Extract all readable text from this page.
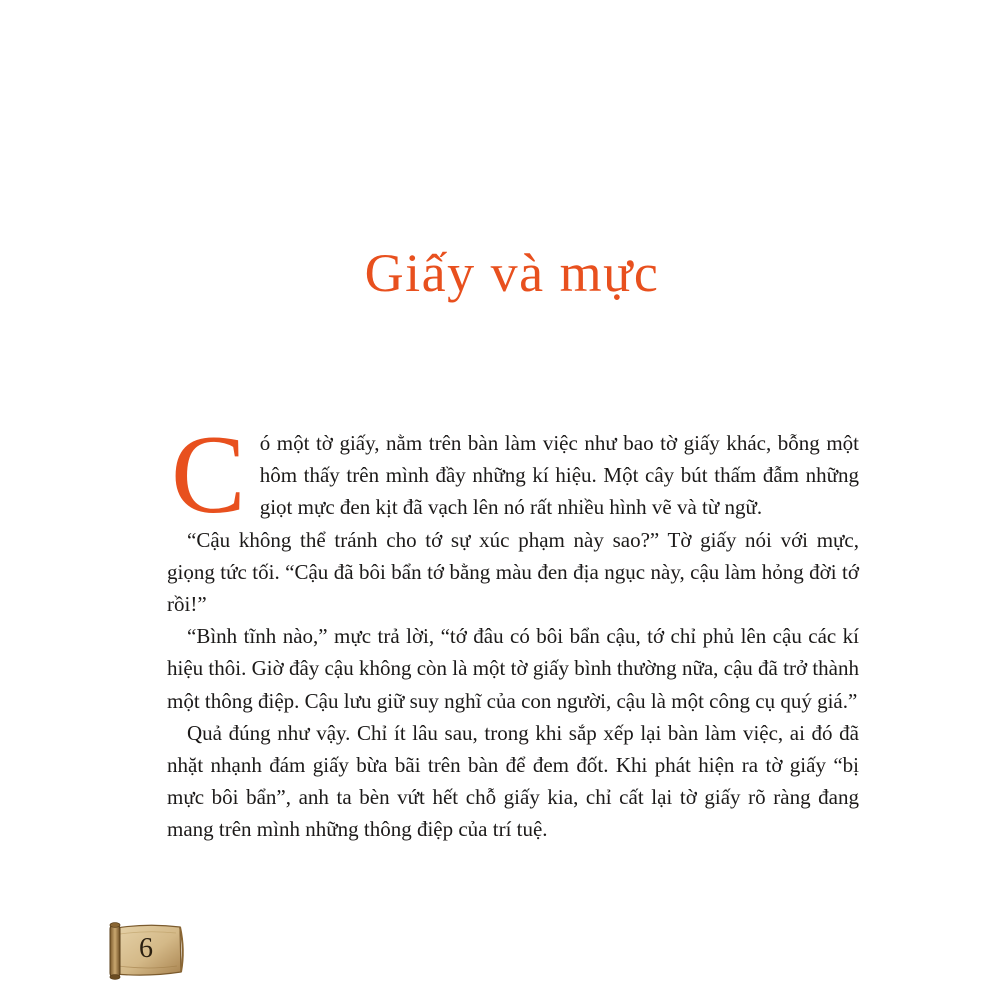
Giấy và mực

Có một tờ giấy, nằm trên bàn làm việc như bao tờ giấy khác, bỗng một hôm thấy trên mình đầy những kí hiệu. Một cây bút thấm đẫm những giọt mực đen kịt đã vạch lên nó rất nhiều hình vẽ và từ ngữ.

“Cậu không thể tránh cho tớ sự xúc phạm này sao?” Tờ giấy nói với mực, giọng tức tối. “Cậu đã bôi bẩn tớ bằng màu đen địa ngục này, cậu làm hỏng đời tớ rồi!”

“Bình tĩnh nào,” mực trả lời, “tớ đâu có bôi bẩn cậu, tớ chỉ phủ lên cậu các kí hiệu thôi. Giờ đây cậu không còn là một tờ giấy bình thường nữa, cậu đã trở thành một thông điệp. Cậu lưu giữ suy nghĩ của con người, cậu là một công cụ quý giá.”

Quả đúng như vậy. Chỉ ít lâu sau, trong khi sắp xếp lại bàn làm việc, ai đó đã nhặt nhạnh đám giấy bừa bãi trên bàn để đem đốt. Khi phát hiện ra tờ giấy “bị mực bôi bẩn”, anh ta bèn vứt hết chỗ giấy kia, chỉ cất lại tờ giấy rõ ràng đang mang trên mình những thông điệp của trí tuệ.

6
